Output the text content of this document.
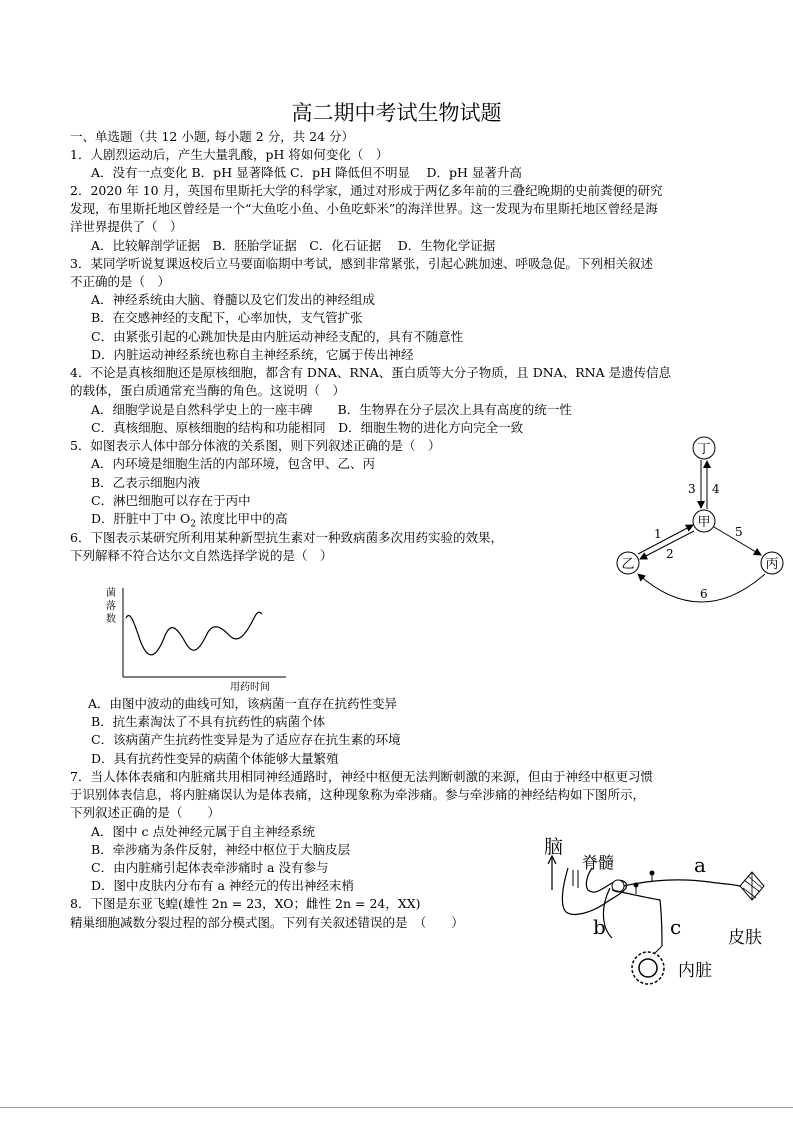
高二期中考试生物试题
一、单选题（共 12 小题, 每小题 2 分，共 24 分）
1．人剧烈运动后，产生大量乳酸，pH 将如何变化（　）
A．没有一点变化 B．pH 显著降低 C．pH 降低但不明显　 D．pH 显著升高
2．2020 年 10 月，英国布里斯托大学的科学家，通过对形成于两亿多年前的三叠纪晚期的史前粪便的研究
发现，布里斯托地区曾经是一个“大鱼吃小鱼、小鱼吃虾米”的海洋世界。这一发现为布里斯托地区曾经是海
洋世界提供了（　）
A．比较解剖学证据　B．胚胎学证据　C．化石证据　 D．生物化学证据
3．某同学听说复课返校后立马要面临期中考试，感到非常紧张，引起心跳加速、呼吸急促。下列相关叙述
不正确的是（　）
A．神经系统由大脑、脊髓以及它们发出的神经组成
B．在交感神经的支配下，心率加快，支气管扩张
C．由紧张引起的心跳加快是由内脏运动神经支配的，具有不随意性
D．内脏运动神经系统也称自主神经系统，它属于传出神经
4．不论是真核细胞还是原核细胞，都含有 DNA、RNA、蛋白质等大分子物质，且 DNA、RNA 是遗传信息
的载体，蛋白质通常充当酶的角色。这说明（　）
A．细胞学说是自然科学史上的一座丰碑　　B．生物界在分子层次上具有高度的统一性
C．真核细胞、原核细胞的结构和功能相同　D．细胞生物的进化方向完全一致
5．如图表示人体中部分体液的关系图，则下列叙述正确的是（　）
A．内环境是细胞生活的内部环境，包含甲、乙、丙
B．乙表示细胞内液
C．淋巴细胞可以存在于丙中
D．肝脏中丁中 $O_2$ 浓度比甲中的高
丁
甲
乙	丙
3 4
1
2
5
6
6．下图表示某研究所利用某种新型抗生素对一种致病菌多次用药实验的效果，
下列解释不符合达尔文自然选择学说的是（　）
菌
落
数
用药时间
A．由图中波动的曲线可知，该病菌一直存在抗药性变异
B．抗生素淘汰了不具有抗药性的病菌个体
C．该病菌产生抗药性变异是为了适应存在抗生素的环境
D．具有抗药性变异的病菌个体能够大量繁殖
7．当人体体表痛和内脏痛共用相同神经通路时，神经中枢便无法判断刺激的来源，但由于神经中枢更习惯
于识别体表信息，将内脏痛误认为是体表痛，这种现象称为牵涉痛。参与牵涉痛的神经结构如下图所示，
下列叙述正确的是（　　）
A．图中 c 点处神经元属于自主神经系统
B．牵涉痛为条件反射，神经中枢位于大脑皮层
C．由内脏痛引起体表牵涉痛时 a 没有参与
D．图中皮肤内分布有 a 神经元的传出神经末梢
脑
脊髓	a
b	c	皮肤
内脏
8．下图是东亚飞蝗(雄性 2n = 23，XO；雌性 2n = 24，XX)
精巢细胞减数分裂过程的部分模式图。下列有关叙述错误的是　（　　）
